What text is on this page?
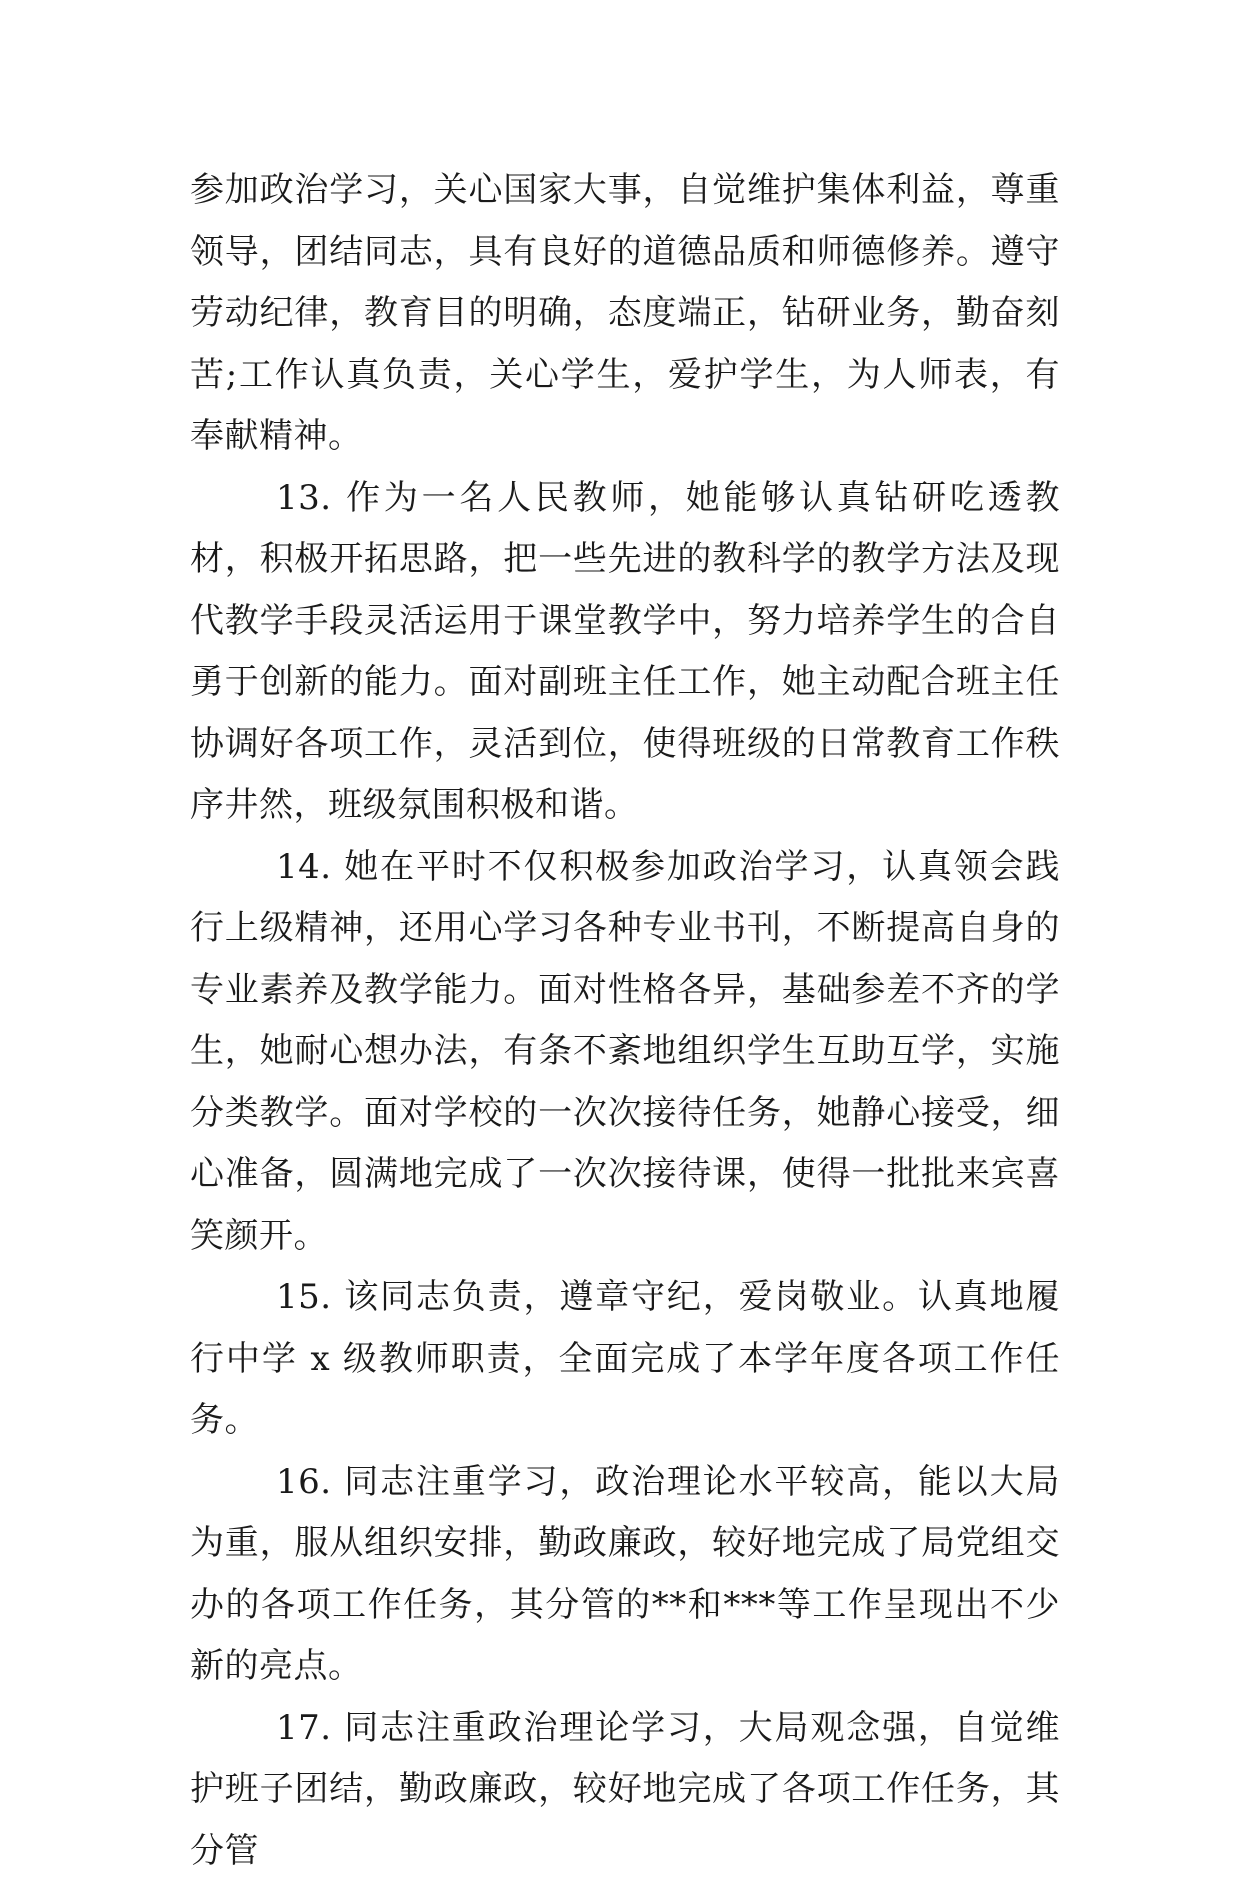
参加政治学习，关心国家大事，自觉维护集体利益，尊重领导，团结同志，具有良好的道德品质和师德修养。遵守劳动纪律，教育目的明确，态度端正，钻研业务，勤奋刻苦;工作认真负责，关心学生，爱护学生，为人师表，有奉献精神。

13. 作为一名人民教师，她能够认真钻研吃透教材，积极开拓思路，把一些先进的教科学的教学方法及现代教学手段灵活运用于课堂教学中，努力培养学生的合自勇于创新的能力。面对副班主任工作，她主动配合班主任协调好各项工作，灵活到位，使得班级的日常教育工作秩序井然，班级氛围积极和谐。

14. 她在平时不仅积极参加政治学习，认真领会践行上级精神，还用心学习各种专业书刊，不断提高自身的专业素养及教学能力。面对性格各异，基础参差不齐的学生，她耐心想办法，有条不紊地组织学生互助互学，实施分类教学。面对学校的一次次接待任务，她静心接受，细心准备，圆满地完成了一次次接待课，使得一批批来宾喜笑颜开。

15. 该同志负责，遵章守纪，爱岗敬业。认真地履行中学 x 级教师职责，全面完成了本学年度各项工作任务。

16. 同志注重学习，政治理论水平较高，能以大局为重，服从组织安排，勤政廉政，较好地完成了局党组交办的各项工作任务，其分管的**和***等工作呈现出不少新的亮点。

17. 同志注重政治理论学习，大局观念强，自觉维护班子团结，勤政廉政，较好地完成了各项工作任务，其分管
